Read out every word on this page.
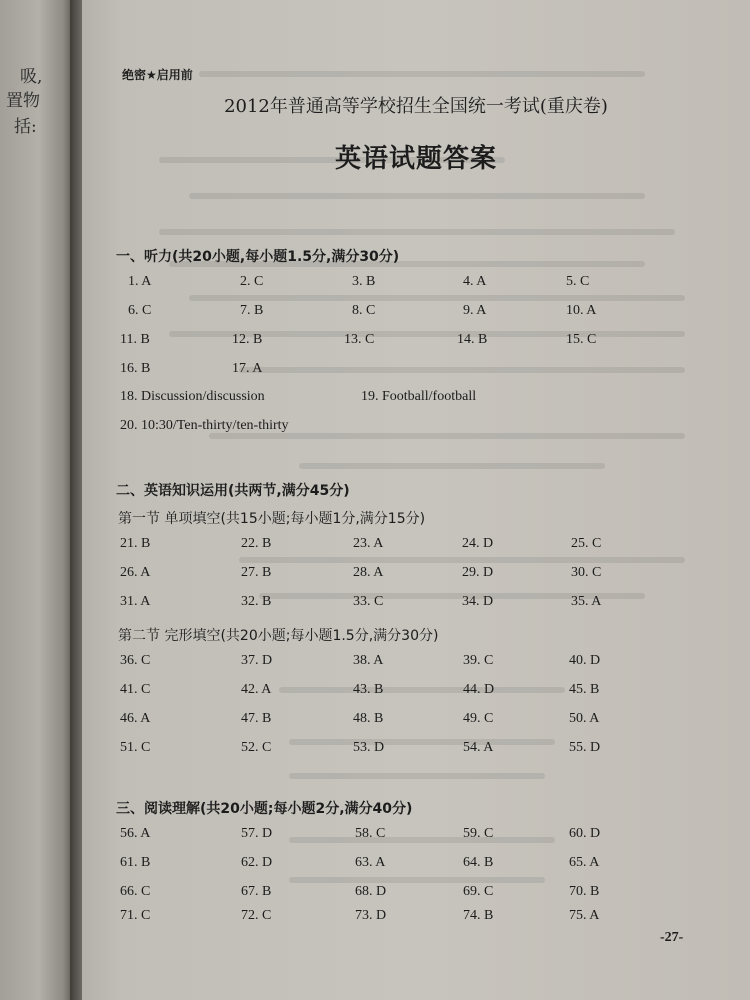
吸,
置物
括:
绝密★启用前
2012年普通高等学校招生全国统一考试(重庆卷)
英语试题答案
一、听力(共20小题,每小题1.5分,满分30分)
1. A	2. C	3. B	4. A	5. C
6. C	7. B	8. C	9. A	10. A
11. B	12. B	13. C	14. B	15. C
16. B	17. A
18. Discussion/discussion	19. Football/football
20. 10:30/Ten-thirty/ten-thirty
二、英语知识运用(共两节,满分45分)
第一节 单项填空(共15小题;每小题1分,满分15分)
21. B	22. B	23. A	24. D	25. C
26. A	27. B	28. A	29. D	30. C
31. A	32. B	33. C	34. D	35. A
第二节 完形填空(共20小题;每小题1.5分,满分30分)
36. C	37. D	38. A	39. C	40. D
41. C	42. A	43. B	44. D	45. B
46. A	47. B	48. B	49. C	50. A
51. C	52. C	53. D	54. A	55. D
三、阅读理解(共20小题;每小题2分,满分40分)
56. A	57. D	58. C	59. C	60. D
61. B	62. D	63. A	64. B	65. A
66. C	67. B	68. D	69. C	70. B
71. C	72. C	73. D	74. B	75. A
-27-
